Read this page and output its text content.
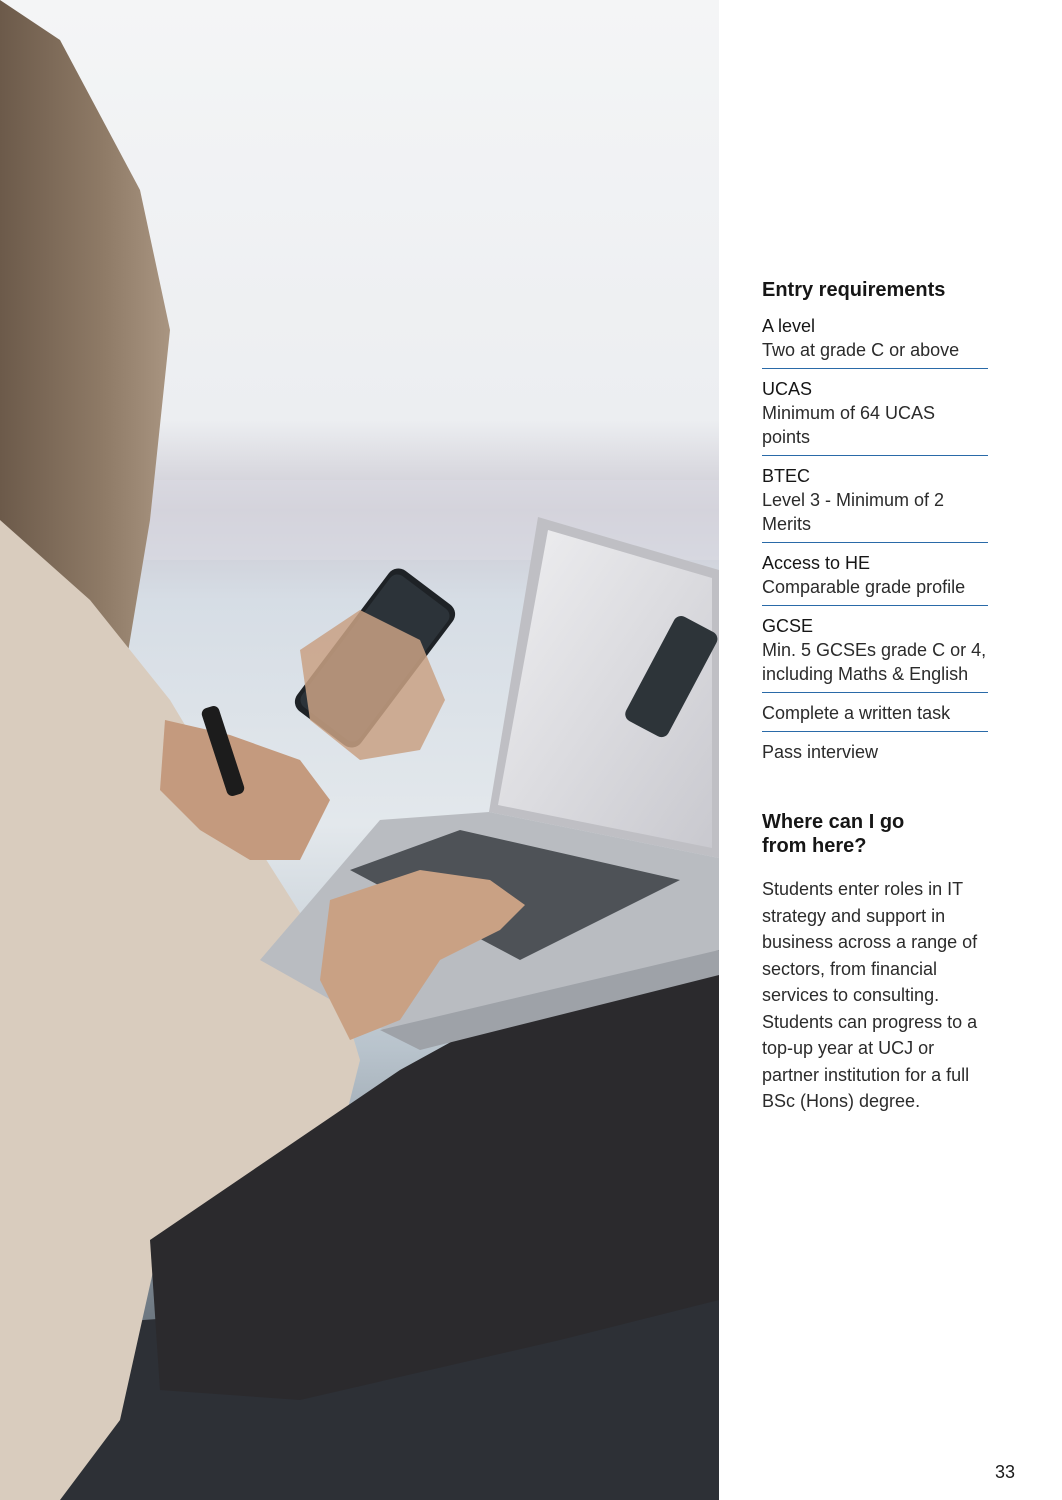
Entry requirements
A level
Two at grade C or above
UCAS
Minimum of 64 UCAS points
BTEC
Level 3 - Minimum of 2 Merits
Access to HE
Comparable grade profile
GCSE
Min. 5 GCSEs grade C or 4, including Maths & English
Complete a written task
Pass interview
Where can I go from here?

Students enter roles in IT strategy and support in business across a range of sectors, from financial services to consulting. Students can progress to a top-up year at UCJ or partner institution for a full BSc (Hons) degree.

33
